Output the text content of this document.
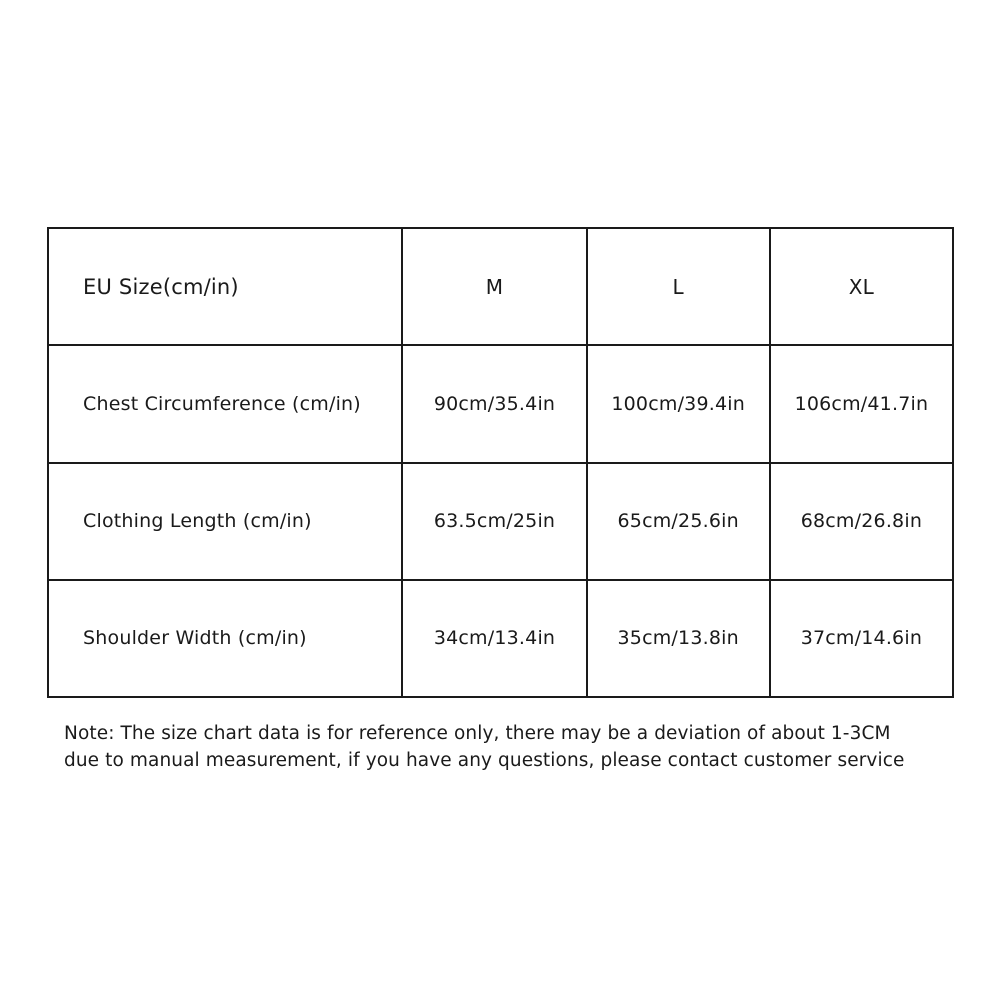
EU Size(cm/in)	M	L	XL
Chest Circumference (cm/in)	90cm/35.4in	100cm/39.4in	106cm/41.7in
Clothing Length (cm/in)	63.5cm/25in	65cm/25.6in	68cm/26.8in
Shoulder Width (cm/in)	34cm/13.4in	35cm/13.8in	37cm/14.6in
Note: The size chart data is for reference only, there may be a deviation of about 1-3CM
due to manual measurement, if you have any questions, please contact customer service
